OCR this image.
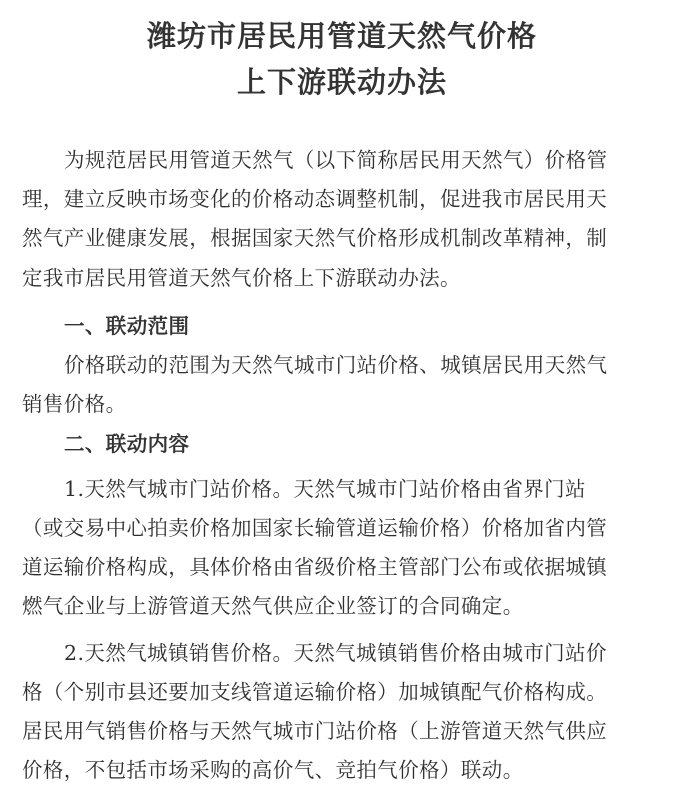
潍坊市居民用管道天然气价格
上下游联动办法
为规范居民用管道天然气（以下简称居民用天然气）价格管
理，建立反映市场变化的价格动态调整机制，促进我市居民用天
然气产业健康发展，根据国家天然气价格形成机制改革精神，制
定我市居民用管道天然气价格上下游联动办法。
一、联动范围
价格联动的范围为天然气城市门站价格、城镇居民用天然气
销售价格。
二、联动内容
1.天然气城市门站价格。天然气城市门站价格由省界门站
（或交易中心拍卖价格加国家长输管道运输价格）价格加省内管
道运输价格构成，具体价格由省级价格主管部门公布或依据城镇
燃气企业与上游管道天然气供应企业签订的合同确定。
2.天然气城镇销售价格。天然气城镇销售价格由城市门站价
格（个别市县还要加支线管道运输价格）加城镇配气价格构成。
居民用气销售价格与天然气城市门站价格（上游管道天然气供应
价格，不包括市场采购的高价气、竞拍气价格）联动。
